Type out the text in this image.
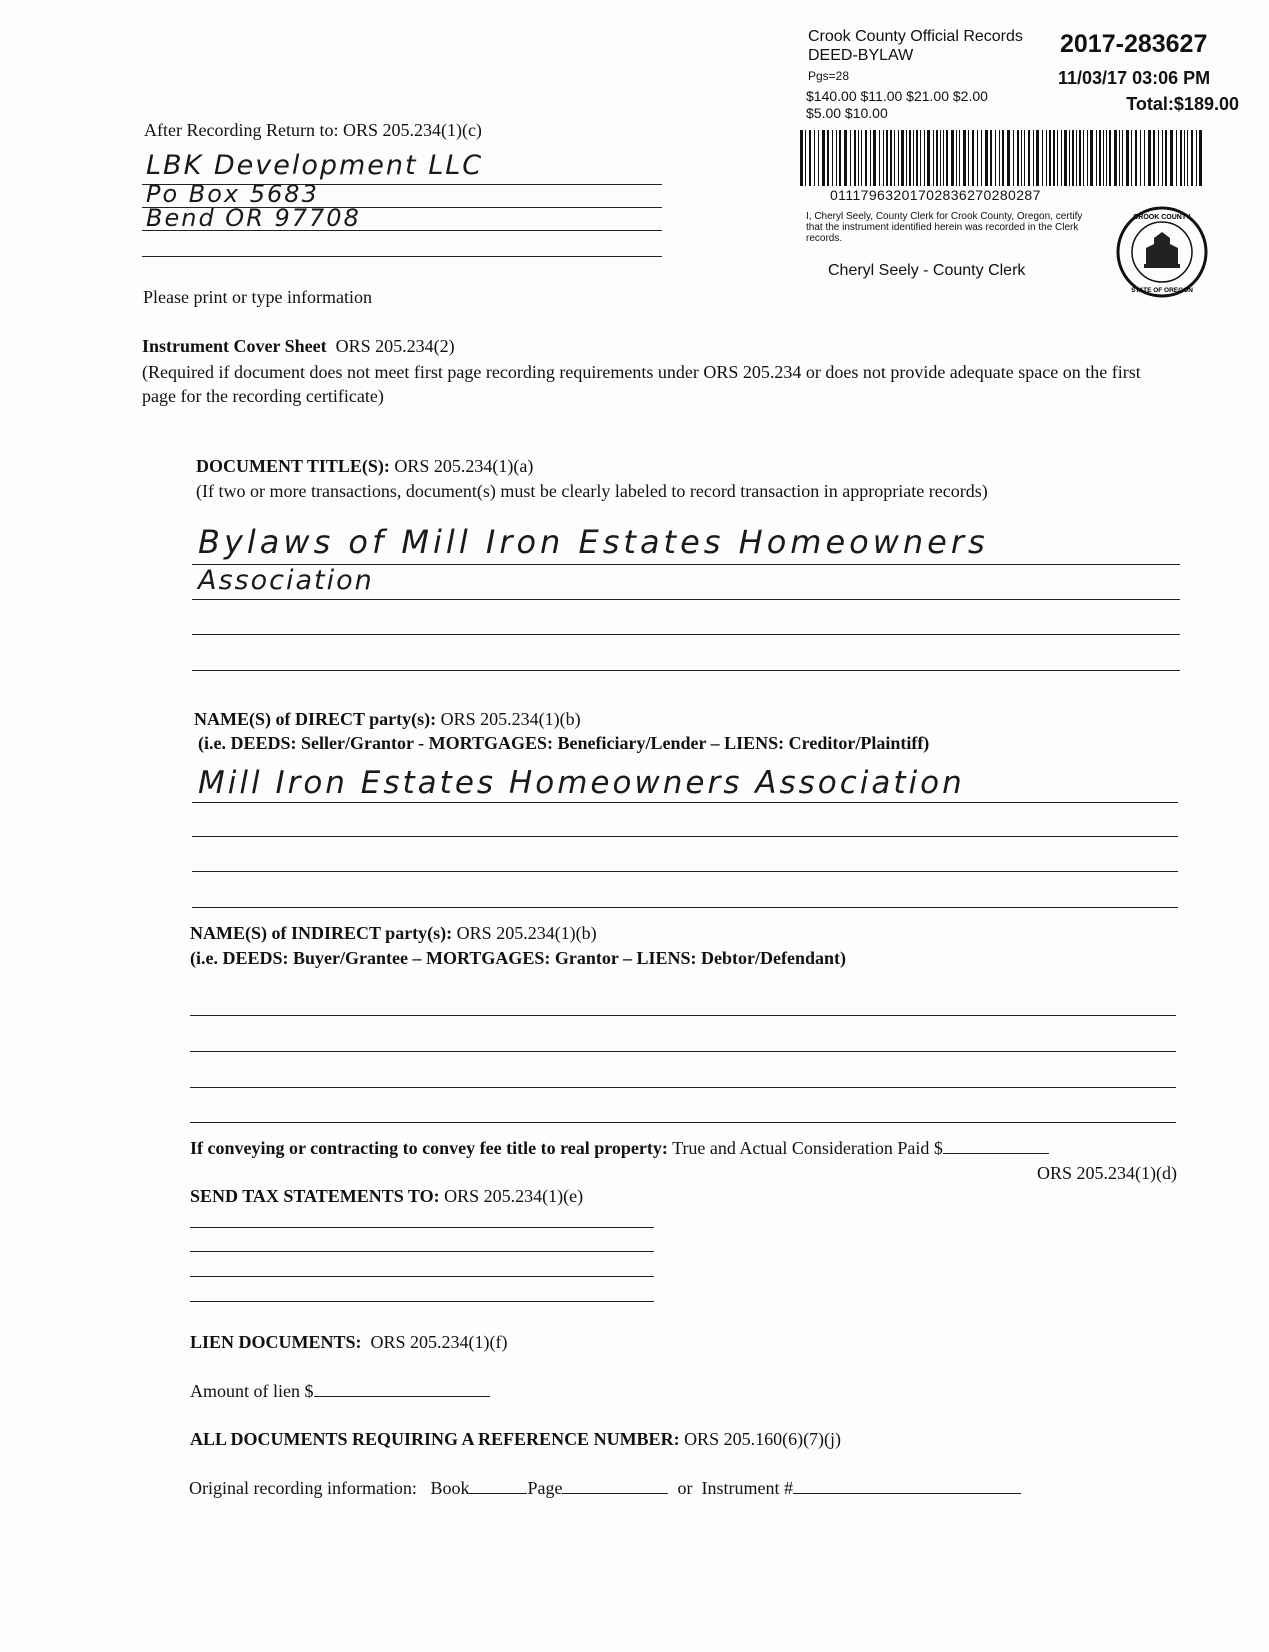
Crook County Official Records
DEED-BYLAW
Pgs=28
$140.00 $11.00 $21.00 $2.00
$5.00 $10.00
2017-283627
11/03/17 03:06 PM
Total:$189.00
01117963201702836270280287
I, Cheryl Seely, County Clerk for Crook County, Oregon, certify that the instrument identified herein was recorded in the Clerk records.
Cheryl Seely - County Clerk
CROOK COUNTY
STATE OF OREGON
After Recording Return to: ORS 205.234(1)(c)
LBK Development LLC
Po Box 5683
Bend OR 97708
Please print or type information
Instrument Cover Sheet ORS 205.234(2)
(Required if document does not meet first page recording requirements under ORS 205.234 or does not provide adequate space on the first page for the recording certificate)
DOCUMENT TITLE(S): ORS 205.234(1)(a)
(If two or more transactions, document(s) must be clearly labeled to record transaction in appropriate records)
Bylaws of Mill Iron Estates Homeowners
Association
NAME(S) of DIRECT party(s): ORS 205.234(1)(b)
(i.e. DEEDS: Seller/Grantor - MORTGAGES: Beneficiary/Lender – LIENS: Creditor/Plaintiff)
Mill Iron Estates Homeowners Association
NAME(S) of INDIRECT party(s): ORS 205.234(1)(b)
(i.e. DEEDS: Buyer/Grantee – MORTGAGES: Grantor – LIENS: Debtor/Defendant)
If conveying or contracting to convey fee title to real property: True and Actual Consideration Paid $
ORS 205.234(1)(d)
SEND TAX STATEMENTS TO: ORS 205.234(1)(e)
LIEN DOCUMENTS: ORS 205.234(1)(f)
Amount of lien $
ALL DOCUMENTS REQUIRING A REFERENCE NUMBER: ORS 205.160(6)(7)(j)
Original recording information: Book	Page	or Instrument #
